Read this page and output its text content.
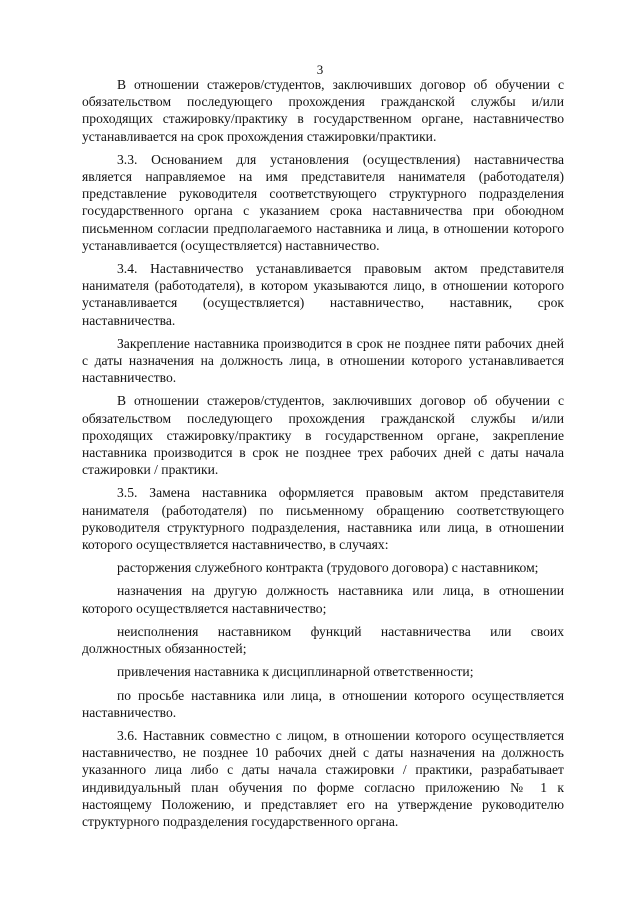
3

В отношении стажеров/студентов, заключивших договор об обучении с обязательством последующего прохождения гражданской службы и/или проходящих стажировку/практику в государственном органе, наставничество устанавливается на срок прохождения стажировки/практики.

3.3. Основанием для установления (осуществления) наставничества является направляемое на имя представителя нанимателя (работодателя) представление руководителя соответствующего структурного подразделения государственного органа с указанием срока наставничества при обоюдном письменном согласии предполагаемого наставника и лица, в отношении которого устанавливается (осуществляется) наставничество.

3.4. Наставничество устанавливается правовым актом представителя нанимателя (работодателя), в котором указываются лицо, в отношении которого устанавливается (осуществляется) наставничество, наставник, срок наставничества.

Закрепление наставника производится в срок не позднее пяти рабочих дней с даты назначения на должность лица, в отношении которого устанавливается наставничество.

В отношении стажеров/студентов, заключивших договор об обучении с обязательством последующего прохождения гражданской службы и/или проходящих стажировку/практику в государственном органе, закрепление наставника производится в срок не позднее трех рабочих дней с даты начала стажировки / практики.

3.5. Замена наставника оформляется правовым актом представителя нанимателя (работодателя) по письменному обращению соответствующего руководителя структурного подразделения, наставника или лица, в отношении которого осуществляется наставничество, в случаях:

расторжения служебного контракта (трудового договора) с наставником;

назначения на другую должность наставника или лица, в отношении которого осуществляется наставничество;

неисполнения наставником функций наставничества или своих должностных обязанностей;

привлечения наставника к дисциплинарной ответственности;

по просьбе наставника или лица, в отношении которого осуществляется наставничество.

3.6. Наставник совместно с лицом, в отношении которого осуществляется наставничество, не позднее 10 рабочих дней с даты назначения на должность указанного лица либо с даты начала стажировки / практики, разрабатывает индивидуальный план обучения по форме согласно приложению № 1 к настоящему Положению, и представляет его на утверждение руководителю структурного подразделения государственного органа.
